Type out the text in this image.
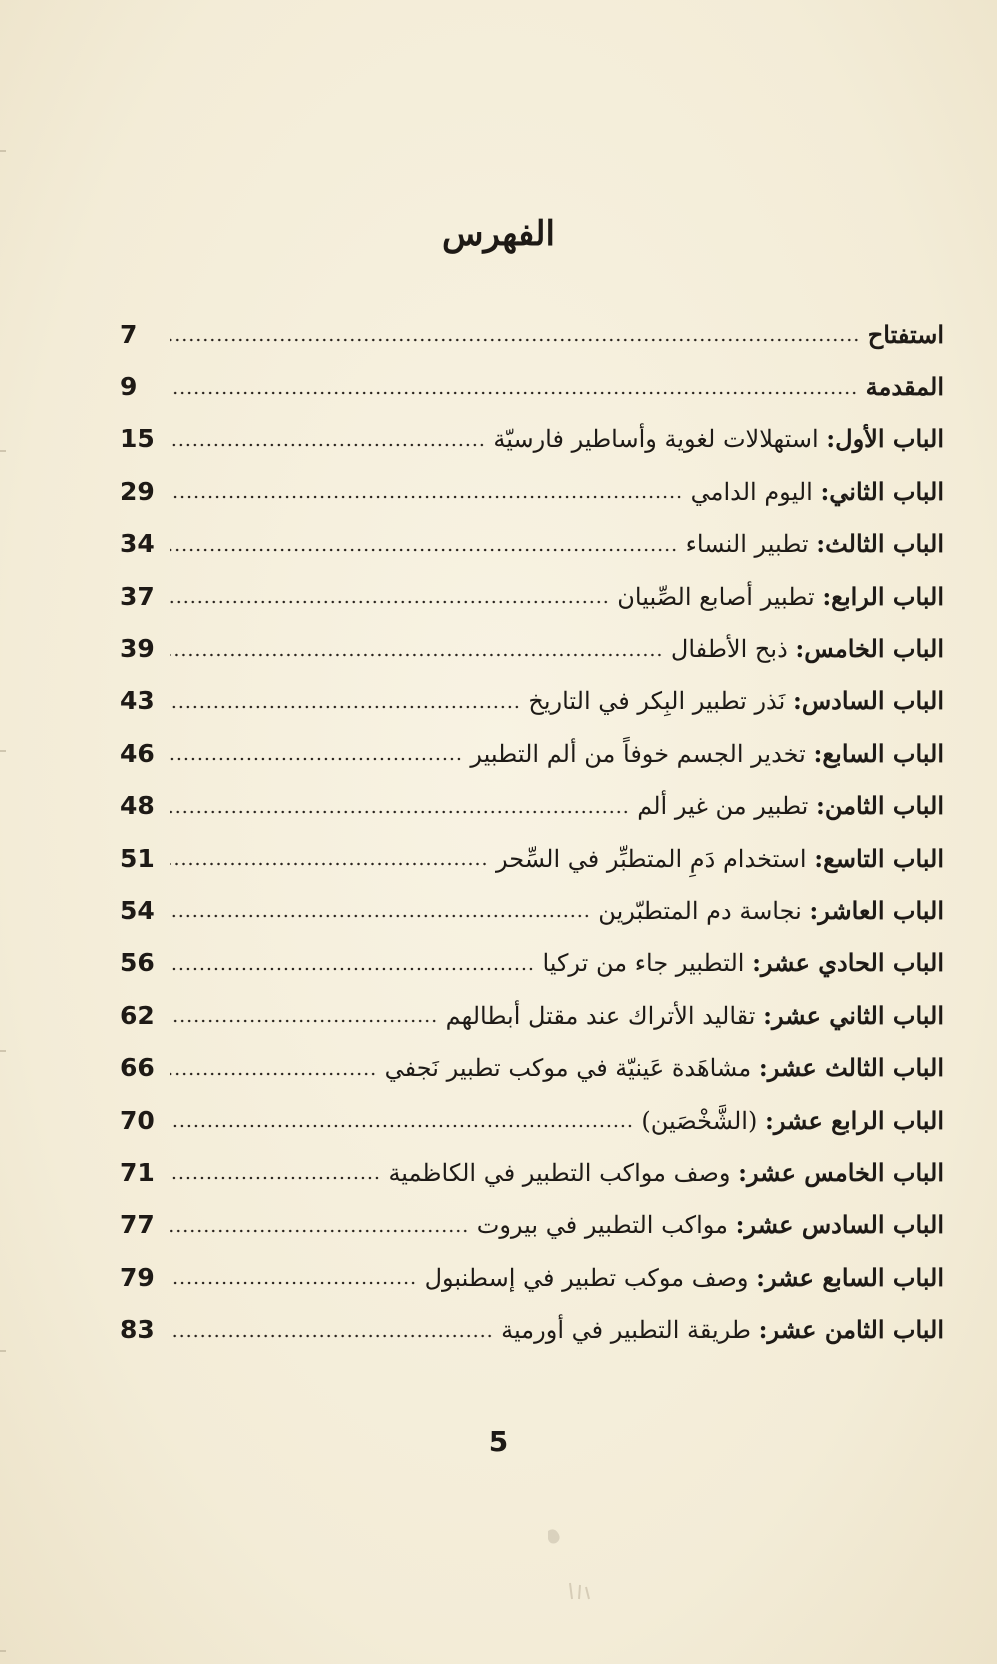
الفهرس
استفتاح
7
المقدمة
9
الباب الأول: استهلالات لغوية وأساطير فارسيّة
15
الباب الثاني: اليوم الدامي
29
الباب الثالث: تطبير النساء
34
الباب الرابع: تطبير أصابع الصِّبيان
37
الباب الخامس: ذبح الأطفال
39
الباب السادس: نَذر تطبير البِكر في التاريخ
43
الباب السابع: تخدير الجسم خوفاً من ألم التطبير
46
الباب الثامن: تطبير من غير ألم
48
الباب التاسع: استخدام دَمِ المتطبِّر في السِّحر
51
الباب العاشر: نجاسة دم المتطبّرين
54
الباب الحادي عشر: التطبير جاء من تركيا
56
الباب الثاني عشر: تقاليد الأتراك عند مقتل أبطالهم
62
الباب الثالث عشر: مشاهَدة عَينيّة في موكب تطبير نَجفي
66
الباب الرابع عشر: (الشَّخْصَين)
70
الباب الخامس عشر: وصف مواكب التطبير في الكاظمية
71
الباب السادس عشر: مواكب التطبير في بيروت
77
الباب السابع عشر: وصف موكب تطبير في إسطنبول
79
الباب الثامن عشر: طريقة التطبير في أورمية
83
5
